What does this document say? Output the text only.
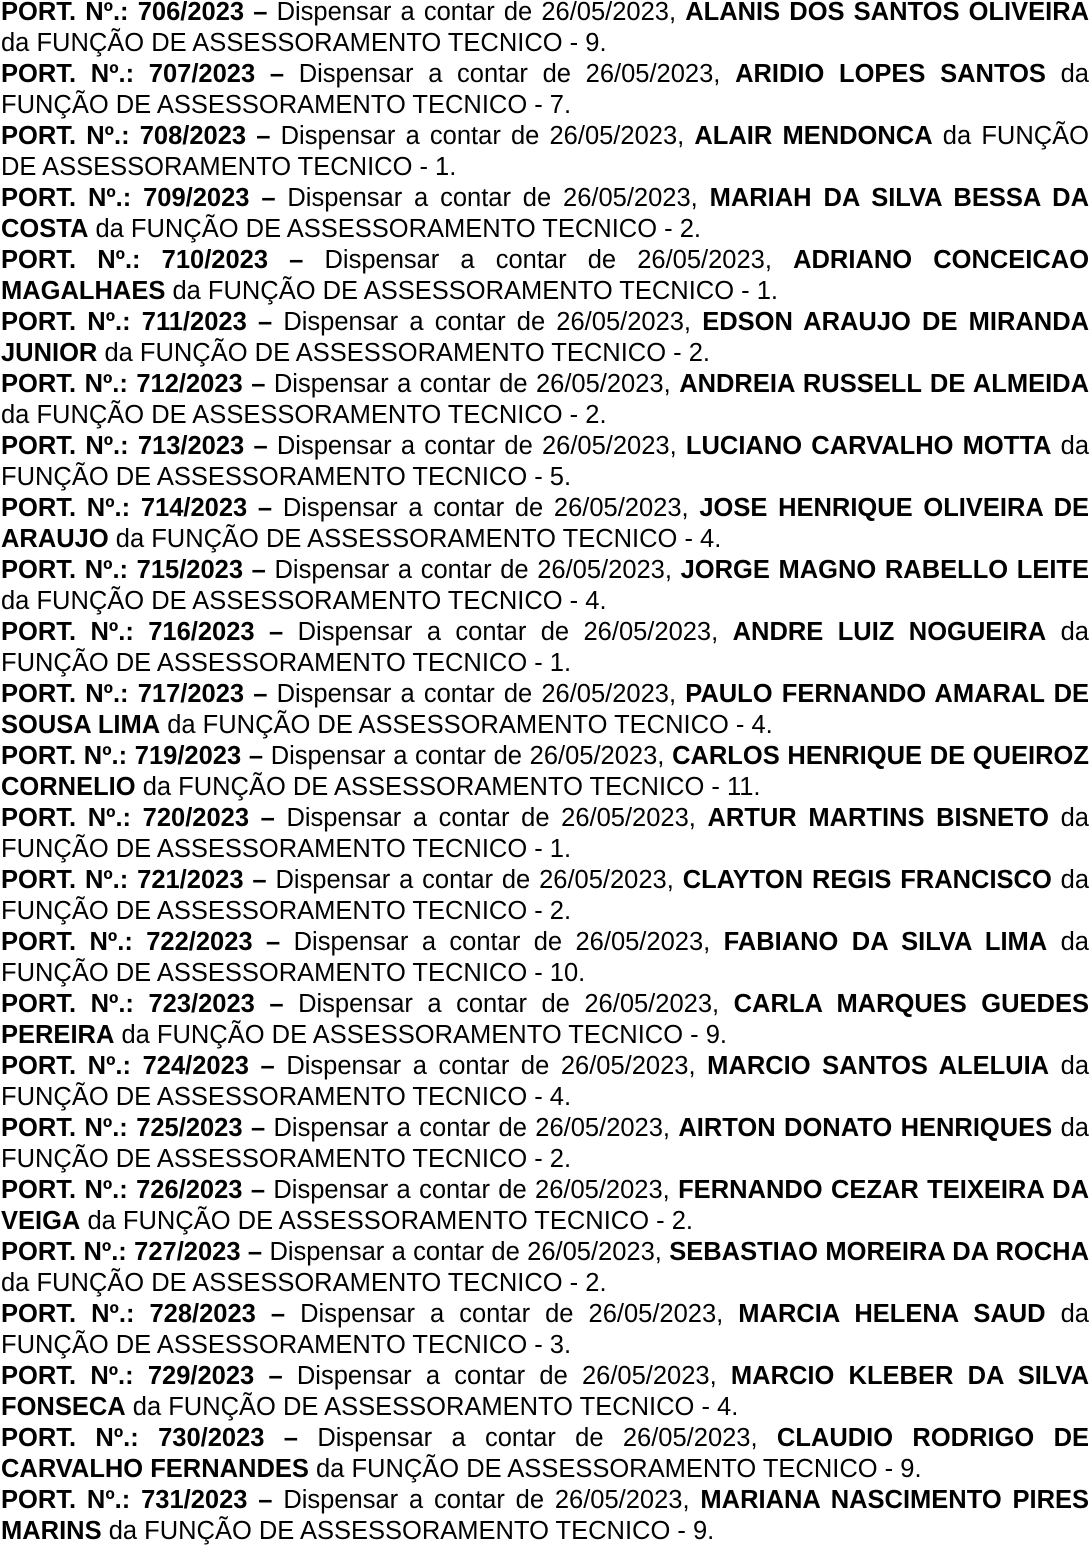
PORT. Nº.: 706/2023 – Dispensar a contar de 26/05/2023, ALANIS DOS SANTOS OLIVEIRA da FUNÇÃO DE ASSESSORAMENTO TECNICO - 9.

PORT. Nº.: 707/2023 – Dispensar a contar de 26/05/2023, ARIDIO LOPES SANTOS da FUNÇÃO DE ASSESSORAMENTO TECNICO - 7.

PORT. Nº.: 708/2023 – Dispensar a contar de 26/05/2023, ALAIR MENDONCA da FUNÇÃO DE ASSESSORAMENTO TECNICO - 1.

PORT. Nº.: 709/2023 – Dispensar a contar de 26/05/2023, MARIAH DA SILVA BESSA DA COSTA da FUNÇÃO DE ASSESSORAMENTO TECNICO - 2.

PORT. Nº.: 710/2023 – Dispensar a contar de 26/05/2023, ADRIANO CONCEICAO MAGALHAES da FUNÇÃO DE ASSESSORAMENTO TECNICO - 1.

PORT. Nº.: 711/2023 – Dispensar a contar de 26/05/2023, EDSON ARAUJO DE MIRANDA JUNIOR da FUNÇÃO DE ASSESSORAMENTO TECNICO - 2.

PORT. Nº.: 712/2023 – Dispensar a contar de 26/05/2023, ANDREIA RUSSELL DE ALMEIDA da FUNÇÃO DE ASSESSORAMENTO TECNICO - 2.

PORT. Nº.: 713/2023 – Dispensar a contar de 26/05/2023, LUCIANO CARVALHO MOTTA da FUNÇÃO DE ASSESSORAMENTO TECNICO - 5.

PORT. Nº.: 714/2023 – Dispensar a contar de 26/05/2023, JOSE HENRIQUE OLIVEIRA DE ARAUJO da FUNÇÃO DE ASSESSORAMENTO TECNICO - 4.

PORT. Nº.: 715/2023 – Dispensar a contar de 26/05/2023, JORGE MAGNO RABELLO LEITE da FUNÇÃO DE ASSESSORAMENTO TECNICO - 4.

PORT. Nº.: 716/2023 – Dispensar a contar de 26/05/2023, ANDRE LUIZ NOGUEIRA da FUNÇÃO DE ASSESSORAMENTO TECNICO - 1.

PORT. Nº.: 717/2023 – Dispensar a contar de 26/05/2023, PAULO FERNANDO AMARAL DE SOUSA LIMA da FUNÇÃO DE ASSESSORAMENTO TECNICO - 4.

PORT. Nº.: 719/2023 – Dispensar a contar de 26/05/2023, CARLOS HENRIQUE DE QUEIROZ CORNELIO da FUNÇÃO DE ASSESSORAMENTO TECNICO - 11.

PORT. Nº.: 720/2023 – Dispensar a contar de 26/05/2023, ARTUR MARTINS BISNETO da FUNÇÃO DE ASSESSORAMENTO TECNICO - 1.

PORT. Nº.: 721/2023 – Dispensar a contar de 26/05/2023, CLAYTON REGIS FRANCISCO da FUNÇÃO DE ASSESSORAMENTO TECNICO - 2.

PORT. Nº.: 722/2023 – Dispensar a contar de 26/05/2023, FABIANO DA SILVA LIMA da FUNÇÃO DE ASSESSORAMENTO TECNICO - 10.

PORT. Nº.: 723/2023 – Dispensar a contar de 26/05/2023, CARLA MARQUES GUEDES PEREIRA da FUNÇÃO DE ASSESSORAMENTO TECNICO - 9.

PORT. Nº.: 724/2023 – Dispensar a contar de 26/05/2023, MARCIO SANTOS ALELUIA da FUNÇÃO DE ASSESSORAMENTO TECNICO - 4.

PORT. Nº.: 725/2023 – Dispensar a contar de 26/05/2023, AIRTON DONATO HENRIQUES da FUNÇÃO DE ASSESSORAMENTO TECNICO - 2.

PORT. Nº.: 726/2023 – Dispensar a contar de 26/05/2023, FERNANDO CEZAR TEIXEIRA DA VEIGA da FUNÇÃO DE ASSESSORAMENTO TECNICO - 2.

PORT. Nº.: 727/2023 – Dispensar a contar de 26/05/2023, SEBASTIAO MOREIRA DA ROCHA da FUNÇÃO DE ASSESSORAMENTO TECNICO - 2.

PORT. Nº.: 728/2023 – Dispensar a contar de 26/05/2023, MARCIA HELENA SAUD da FUNÇÃO DE ASSESSORAMENTO TECNICO - 3.

PORT. Nº.: 729/2023 – Dispensar a contar de 26/05/2023, MARCIO KLEBER DA SILVA FONSECA da FUNÇÃO DE ASSESSORAMENTO TECNICO - 4.

PORT. Nº.: 730/2023 – Dispensar a contar de 26/05/2023, CLAUDIO RODRIGO DE CARVALHO FERNANDES da FUNÇÃO DE ASSESSORAMENTO TECNICO - 9.

PORT. Nº.: 731/2023 – Dispensar a contar de 26/05/2023, MARIANA NASCIMENTO PIRES MARINS da FUNÇÃO DE ASSESSORAMENTO TECNICO - 9.
